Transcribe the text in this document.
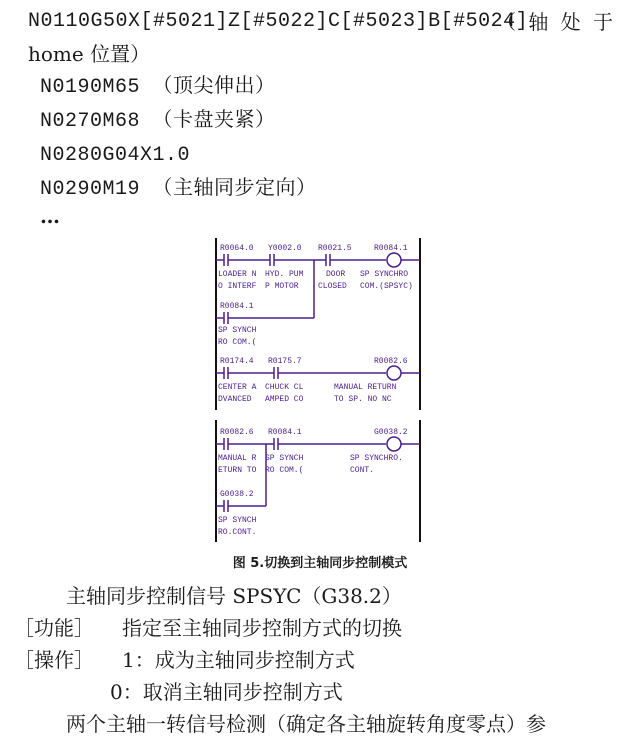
N0110G50X[#5021]Z[#5022]C[#5023]B[#5024]
（ 轴 处 于
home 位置）
N0190M65 （顶尖伸出）
N0270M68 （卡盘夹紧）
N0280G04X1.0
N0290M19 （主轴同步定向）
…
R0064.0
LOADER N
O INTERF
Y0002.0
HYD. PUM
P MOTOR
R0021.5
DOOR
CLOSED
R0084.1
SP SYNCHRO
COM.(SPSYC)
R0084.1
SP SYNCH
RO COM.(
R0174.4
CENTER A
DVANCED
R0175.7
CHUCK CL
AMPED CO
R0082.6
MANUAL RETURN
TO SP. NO NC
R0082.6
MANUAL R
ETURN TO
R0084.1
SP SYNCH
RO COM.(
G0038.2
SP SYNCHRO.
CONT.
G0038.2
SP SYNCH
RO.CONT.
图 5.切换到主轴同步控制模式
主轴同步控制信号 SPSYC（G38.2）
［功能］ 指定至主轴同步控制方式的切换
［操作］ 1：成为主轴同步控制方式
0：取消主轴同步控制方式
两个主轴一转信号检测（确定各主轴旋转角度零点）参
